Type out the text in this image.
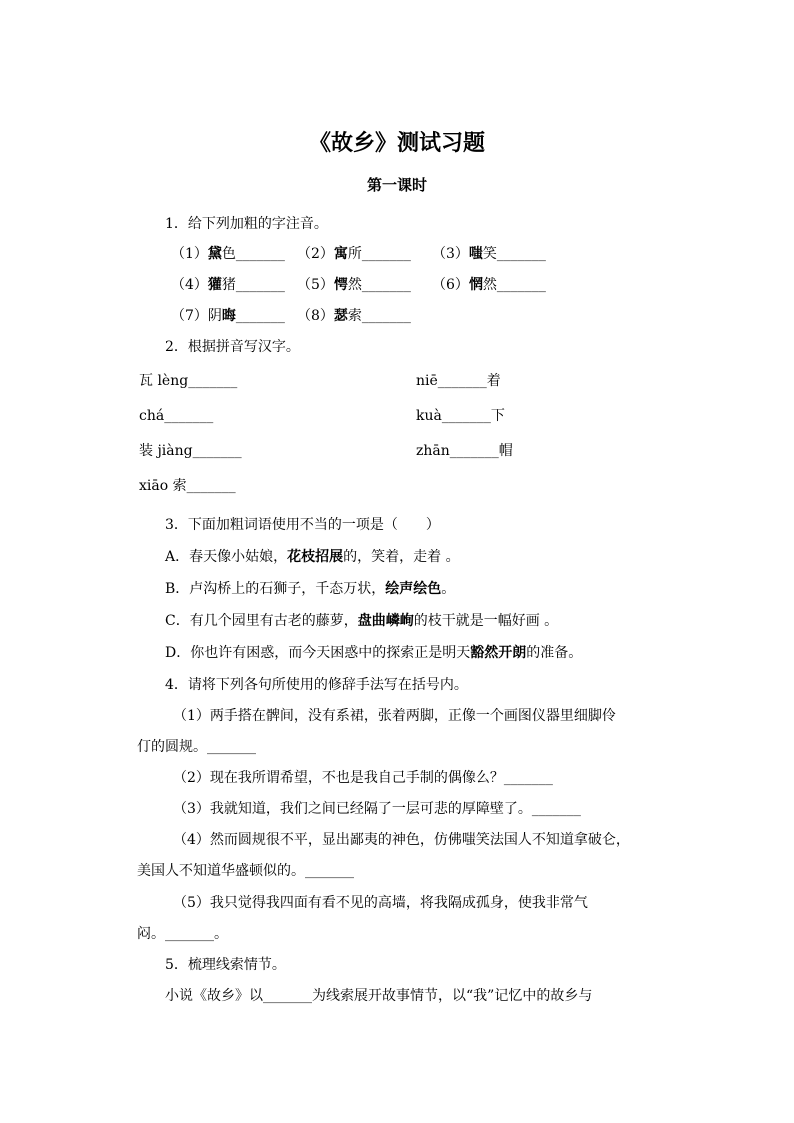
《故乡》测试习题
第一课时
1．给下列加粗的字注音。
（1）黛色_______ （2）寓所_______ （3）嗤笑_______
（4）獾猪_______ （5）愕然_______ （6）惘然_______
（7）阴晦_______ （8）瑟索_______
2．根据拼音写汉字。
瓦 lèng_______	niē_______着
chá_______	kuà_______下
装 jiàng_______	zhān_______帽
xiāo 索_______
3．下面加粗词语使用不当的一项是（　　）
A．春天像小姑娘，花枝招展的，笑着，走着 。
B．卢沟桥上的石狮子，千态万状，绘声绘色。
C．有几个园里有古老的藤萝，盘曲嶙峋的枝干就是一幅好画 。
D．你也许有困惑，而今天困惑中的探索正是明天豁然开朗的准备。
4．请将下列各句所使用的修辞手法写在括号内。
（1）两手搭在髀间，没有系裙，张着两脚，正像一个画图仪器里细脚伶
仃的圆规。_______
（2）现在我所谓希望，不也是我自己手制的偶像么？_______
（3）我就知道，我们之间已经隔了一层可悲的厚障壁了。_______
（4）然而圆规很不平，显出鄙夷的神色，仿佛嗤笑法国人不知道拿破仑，
美国人不知道华盛顿似的。_______
（5）我只觉得我四面有看不见的高墙，将我隔成孤身，使我非常气
闷。_______。
5．梳理线索情节。
小说《故乡》以_______为线索展开故事情节，以“我”记忆中的故乡与
